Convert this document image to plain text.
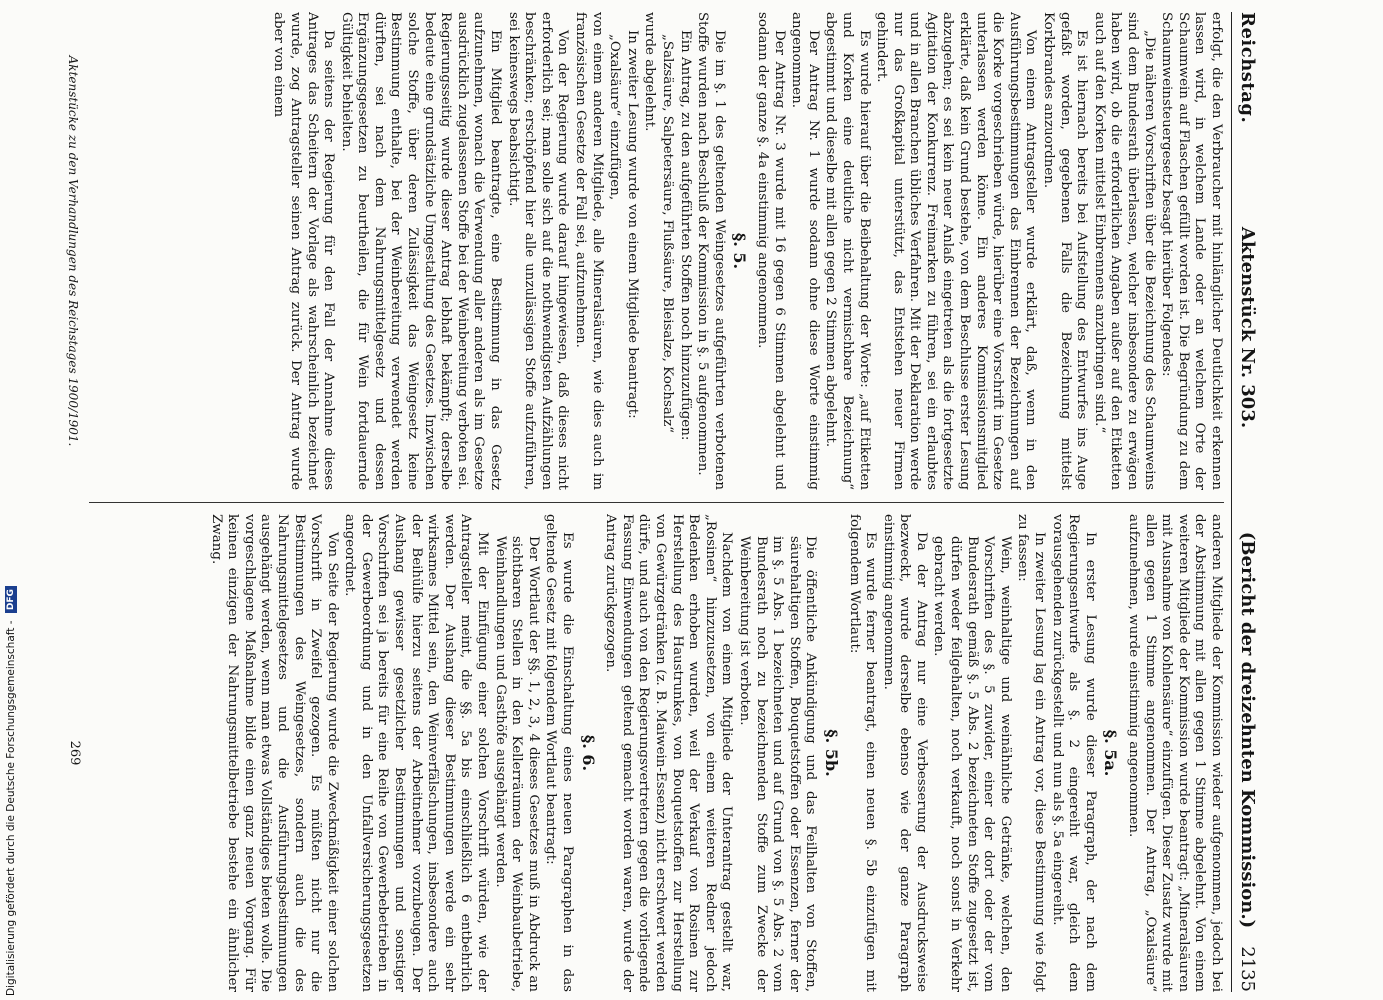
Reichstag.
Aktenstück Nr. 303.
(Bericht der dreizehnten Kommission.)
2135

erfolgt, die den Verbraucher mit hinlänglicher Deutlichkeit erkennen lassen wird, in welchem Lande oder an welchem Orte der Schaumwein auf Flaschen gefüllt worden ist. Die Begründung zu dem Schaumweinsteuergesetz besagt hierüber Folgendes:

„Die näheren Vorschriften über die Bezeichnung des Schaumweins sind dem Bundesrath überlassen, welcher insbesondere zu erwägen haben wird, ob die erforderlichen Angaben außer auf den Etiketten auch auf den Korken mittelst Einbrennens anzubringen sind.“

Es ist hiernach bereits bei Aufstellung des Entwurfes ins Auge gefaßt worden, gegebenen Falls die Bezeichnung mittelst Korkbrandes anzuordnen.

Von einem Antragsteller wurde erklärt, daß, wenn in den Ausführungsbestimmungen das Einbrennen der Bezeichnungen auf die Korke vorgeschrieben würde, hierüber eine Vorschrift im Gesetze unterlassen werden könne. Ein anderes Kommissionsmitglied erklärte, daß kein Grund bestehe, von dem Beschlusse erster Lesung abzugehen; es sei kein neuer Anlaß eingetreten als die fortgesetzte Agitation der Konkurrenz. Freimarken zu führen, sei ein erlaubtes und in allen Branchen übliches Verfahren. Mit der Deklaration werde nur das Großkapital unterstützt, das Entstehen neuer Firmen gehindert.

Es wurde hierauf über die Beibehaltung der Worte: „auf Etiketten und Korken eine deutliche nicht vermischbare Bezeichnung“ abgestimmt und dieselbe mit allen gegen 2 Stimmen abgelehnt.

Der Antrag Nr. 1 wurde sodann ohne diese Worte einstimmig angenommen.

Der Antrag Nr. 3 wurde mit 16 gegen 6 Stimmen abgelehnt und sodann der ganze §. 4a einstimmig angenommen.

§. 5.

Die im §. 1 des geltenden Weingesetzes aufgeführten verbotenen Stoffe wurden nach Beschluß der Kommission in §. 5 aufgenommen.

Ein Antrag, zu den aufgeführten Stoffen noch hinzuzufügen:

„Salzsäure, Salpetersäure, Flußsäure, Bleisalze, Kochsalz“

wurde abgelehnt.

In zweiter Lesung wurde von einem Mitgliede beantragt:

„Oxalsäure“ einzufügen,

von einem anderen Mitgliede, alle Mineralsäuren, wie dies auch im französischen Gesetze der Fall sei, aufzunehmen.

Von der Regierung wurde darauf hingewiesen, daß dieses nicht erforderlich sei; man solle sich auf die nothwendigsten Aufzählungen beschränken; erschöpfend hier alle unzulässigen Stoffe aufzuführen, sei keineswegs beabsichtigt.

Ein Mitglied beantragte, eine Bestimmung in das Gesetz aufzunehmen, wonach die Verwendung aller anderen als im Gesetze ausdrücklich zugelassenen Stoffe bei der Weinbereitung verboten sei. Regierungsseitig wurde dieser Antrag lebhaft bekämpft; derselbe bedeute eine grundsätzliche Umgestaltung des Gesetzes. Inzwischen solche Stoffe, über deren Zulässigkeit das Weingesetz keine Bestimmung enthalte, bei der Weinbereitung verwendet werden dürften, sei nach dem Nahrungsmittelgesetz und dessen Ergänzungsgesetzen zu beurtheilen, die für Wein fortdauernde Gültigkeit behielten.

Da seitens der Regierung für den Fall der Annahme dieses Antrages das Scheitern der Vorlage als wahrscheinlich bezeichnet wurde, zog Antragsteller seinen Antrag zurück. Der Antrag wurde aber von einem

anderen Mitgliede der Kommission wieder aufgenommen, jedoch bei der Abstimmung mit allen gegen 1 Stimme abgelehnt. Von einem weiteren Mitgliede der Kommission wurde beantragt: „Mineralsäuren mit Ausnahme von Kohlensäure“ einzufügen. Dieser Zusatz wurde mit allen gegen 1 Stimme angenommen. Der Antrag, „Oxalsäure“ aufzunehmen, wurde einstimmig angenommen.

§. 5a.

In erster Lesung wurde dieser Paragraph, der nach dem Regierungsentwurfe als §. 2 eingereiht war, gleich dem vorausgehenden zurückgestellt und nun als §. 5a eingereiht.

In zweiter Lesung lag ein Antrag vor, diese Bestimmung wie folgt zu fassen:

Wein, weinhaltige und weinähnliche Getränke, welchen, den Vorschriften des §. 5 zuwider, einer der dort oder der vom Bundesrath gemäß §. 5 Abs. 2 bezeichneten Stoffe zugesetzt ist, dürfen weder feilgehalten, noch verkauft, noch sonst in Verkehr gebracht werden.

Da der Antrag nur eine Verbesserung der Ausdrucksweise bezweckt, wurde derselbe ebenso wie der ganze Paragraph einstimmig angenommen.

Es wurde ferner beantragt, einen neuen §. 5b einzufügen mit folgendem Wortlaut:

§. 5b.

Die öffentliche Ankündigung und das Feilhalten von Stoffen, säurehaltigen Stoffen, Bouquetstoffen oder Essenzen, ferner der im §. 5 Abs. 1 bezeichneten und auf Grund von §. 5 Abs. 2 vom Bundesrath noch zu bezeichnenden Stoffe zum Zwecke der Weinbereitung ist verboten.

Nachdem von einem Mitgliede der Unterantrag gestellt war, „Rosinen“ hinzuzusetzen, von einem weiteren Redner jedoch Bedenken erhoben wurden, weil der Verkauf von Rosinen zur Herstellung des Haustrunkes, von Bouquetstoffen zur Herstellung von Gewürzgetränken (z. B. Maiwein-Essenz) nicht erschwert werden dürfe, und auch von den Regierungsvertretern gegen die vorliegende Fassung Einwendungen geltend gemacht worden waren, wurde der Antrag zurückgezogen.

§. 6.

Es wurde die Einschaltung eines neuen Paragraphen in das geltende Gesetz mit folgendem Wortlaut beantragt:

Der Wortlaut der §§. 1, 2, 3, 4 dieses Gesetzes muß in Abdruck an sichtbaren Stellen in den Kellerräumen der Weinbaubetriebe, Weinhandlungen und Gasthöfe ausgehängt werden.

Mit der Einfügung einer solchen Vorschrift würden, wie der Antragsteller meint, die §§. 5a bis einschließlich 6 entbehrlich werden. Der Aushang dieser Bestimmungen werde ein sehr wirksames Mittel sein, den Weinverfälschungen, insbesondere auch der Beihülfe hierzu seitens der Arbeitnehmer vorzubeugen. Der Aushang gewisser gesetzlicher Bestimmungen und sonstiger Vorschriften sei ja bereits für eine Reihe von Gewerbebetrieben in der Gewerbeordnung und in den Unfallversicherungsgesetzen angeordnet.

Von Seite der Regierung wurde die Zweckmäßigkeit einer solchen Vorschrift in Zweifel gezogen. Es müßten nicht nur die Bestimmungen des Weingesetzes, sondern auch die des Nahrungsmittelgesetzes und die Ausführungsbestimmungen ausgehängt werden, wenn man etwas Vollständiges bieten wolle. Die vorgeschlagene Maßnahme bilde einen ganz neuen Vorgang. Für keinen einzigen der Nahrungsmittelbetriebe bestehe ein ähnlicher Zwang.

Aktenstücke zu den Verhandlungen des Reichstages 1900/1901.
269
Digitalisierung gefördert durch die Deutsche Forschungsgemeinschaft - DFG
